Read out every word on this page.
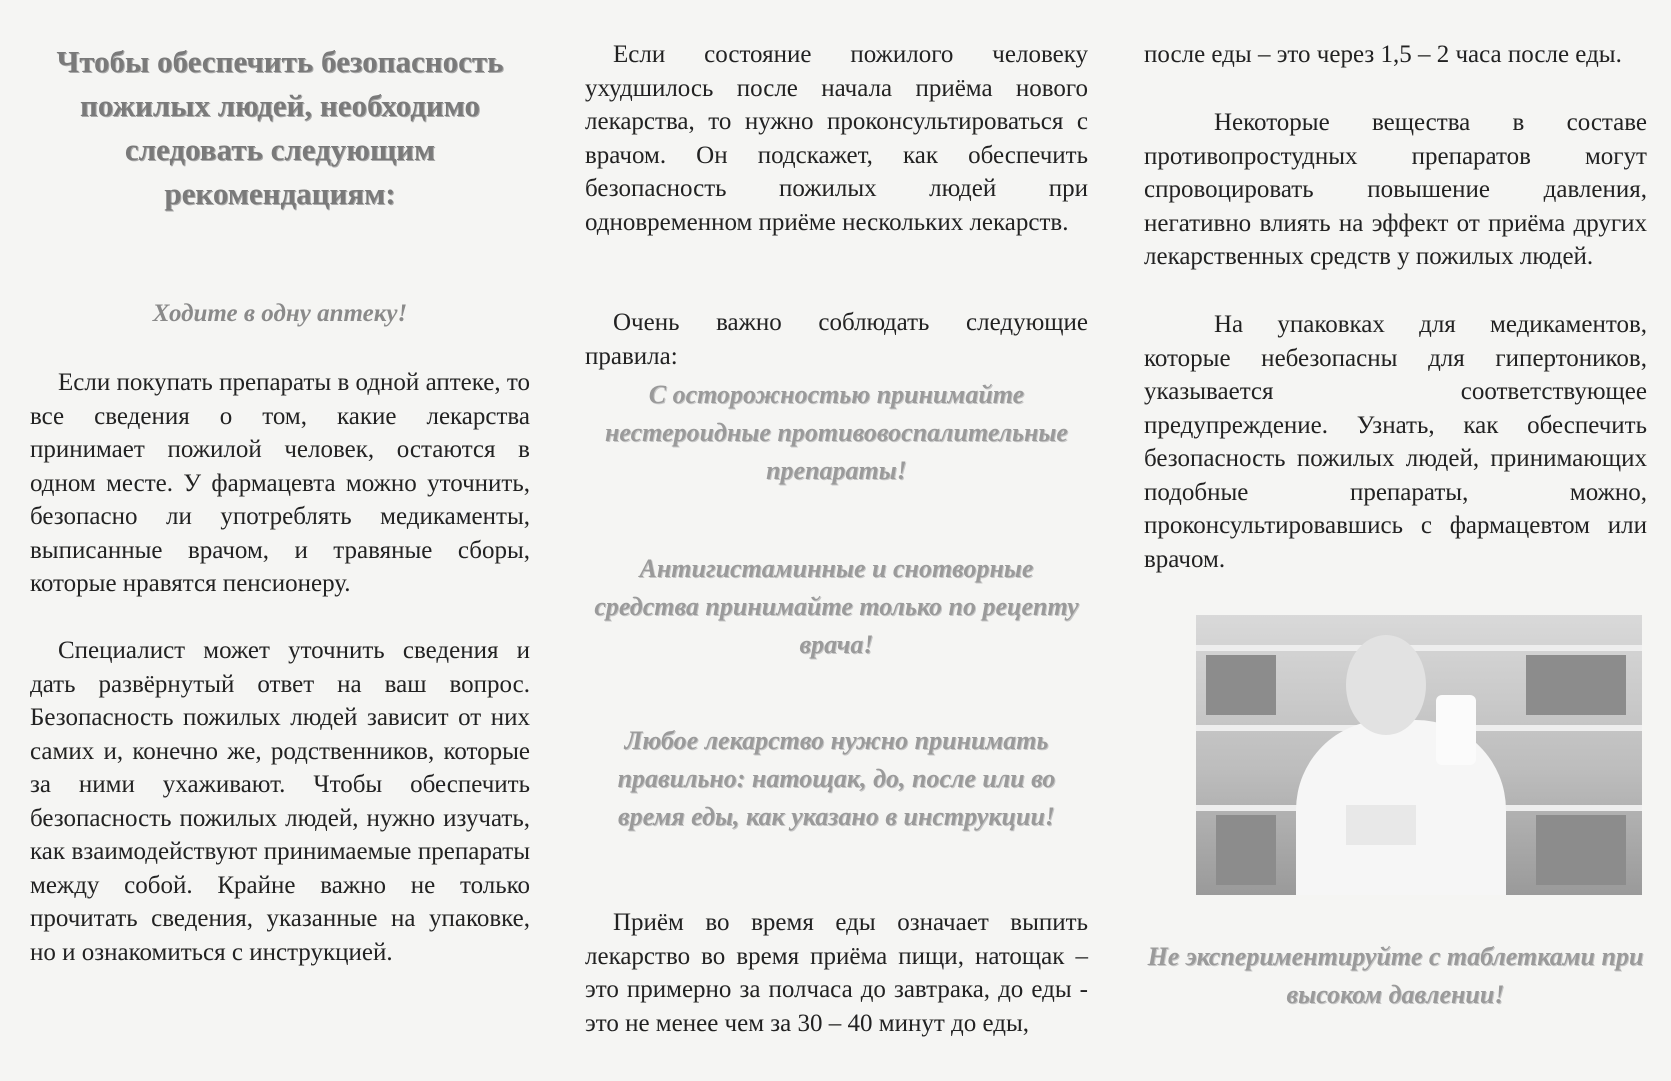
Чтобы обеспечить безопасность пожилых людей, необходимо следовать следующим рекомендациям:
Ходите в одну аптеку!

Если покупать препараты в одной аптеке, то все сведения о том, какие лекарства принимает пожилой человек, остаются в одном месте. У фармацевта можно уточнить, безопасно ли употреблять медикаменты, выписанные врачом, и травяные сборы, которые нравятся пенсионеру.

Специалист может уточнить сведения и дать развёрнутый ответ на ваш вопрос. Безопасность пожилых людей зависит от них самих и, конечно же, родственников, которые за ними ухаживают. Чтобы обеспечить безопасность пожилых людей, нужно изучать, как взаимодействуют принимаемые препараты между собой. Крайне важно не только прочитать сведения, указанные на упаковке, но и ознакомиться с инструкцией.

Если состояние пожилого человеку ухудшилось после начала приёма нового лекарства, то нужно проконсультироваться с врачом. Он подскажет, как обеспечить безопасность пожилых людей при одновременном приёме нескольких лекарств.

Очень важно соблюдать следующие правила:

С осторожностью принимайте нестероидные противовоспалительные препараты!
Антигистаминные и снотворные средства принимайте только по рецепту врача!
Любое лекарство нужно принимать правильно: натощак, до, после или во время еды, как указано в инструкции!

Приём во время еды означает выпить лекарство во время приёма пищи, натощак – это примерно за полчаса до завтрака, до еды - это не менее чем за 30 – 40 минут до еды,

после еды – это через 1,5 – 2 часа после еды.

Некоторые вещества в составе противопростудных препаратов могут спровоцировать повышение давления, негативно влиять на эффект от приёма других лекарственных средств у пожилых людей.

На упаковках для медикаментов, которые небезопасны для гипертоников, указывается соответствующее предупреждение. Узнать, как обеспечить безопасность пожилых людей, принимающих подобные препараты, можно, проконсультировавшись с фармацевтом или врачом.

Не экспериментируйте с таблетками при высоком давлении!
